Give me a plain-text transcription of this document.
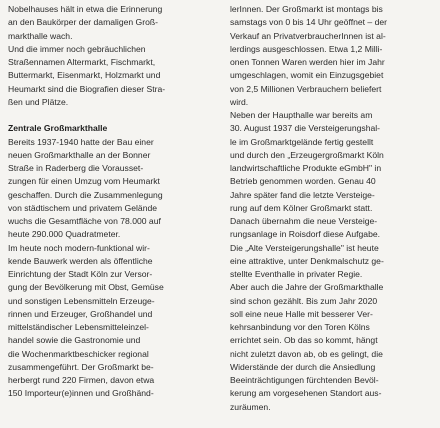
Nobelhauses hält in etwa die Erinnerung
an den Baukörper der damaligen Groß-
markthalle wach.
Und die immer noch gebräuchlichen
Straßennamen Altermarkt, Fischmarkt,
Buttermarkt, Eisenmarkt, Holzmarkt und
Heumarkt sind die Biografien dieser Stra-
ßen und Plätze.
Zentrale Großmarkthalle
Bereits 1937-1940 hatte der Bau einer
neuen Großmarkthalle an der Bonner
Straße in Raderberg die Vorausset-
zungen für einen Umzug vom Heumarkt
geschaffen. Durch die Zusammenlegung
von städtischem und privatem Gelände
wuchs die Gesamtfläche von 78.000 auf
heute 290.000 Quadratmeter.
Im heute noch modern-funktional wir-
kende Bauwerk werden als öffentliche
Einrichtung der Stadt Köln zur Versor-
gung der Bevölkerung mit Obst, Gemüse
und sonstigen Lebensmitteln Erzeuge-
rinnen und Erzeuger, Großhandel und
mittelständischer Lebensmitteleinzel-
handel sowie die Gastronomie und
die Wochenmarktbeschicker regional
zusammengeführt. Der Großmarkt be-
herbergt rund 220 Firmen, davon etwa
150 Importeur(e)innen und Großhänd-
lerInnen. Der Großmarkt ist montags bis
samstags von 0 bis 14 Uhr geöffnet – der
Verkauf an PrivatverbraucherInnen ist al-
lerdings ausgeschlossen. Etwa 1,2 Milli-
onen Tonnen Waren werden hier im Jahr
umgeschlagen, womit ein Einzugsgebiet
von 2,5 Millionen Verbrauchern beliefert
wird.
Neben der Haupthalle war bereits am
30. August 1937 die Versteigerungshal-
le im Großmarktgelände fertig gestellt
und durch den „Erzeugergroßmarkt Köln
landwirtschaftliche Produkte eGmbH" in
Betrieb genommen worden. Genau 40
Jahre später fand die letzte Versteige-
rung auf dem Kölner Großmarkt statt.
Danach übernahm die neue Versteige-
rungsanlage in Roisdorf diese Aufgabe.
Die „Alte Versteigerungshalle" ist heute
eine attraktive, unter Denkmalschutz ge-
stellte Eventhalle in privater Regie.
Aber auch die Jahre der Großmarkthalle
sind schon gezählt. Bis zum Jahr 2020
soll eine neue Halle mit besserer Ver-
kehrsanbindung vor den Toren Kölns
errichtet sein. Ob das so kommt, hängt
nicht zuletzt davon ab, ob es gelingt, die
Widerstände der durch die Ansiedlung
Beeinträchtigungen fürchtenden Bevöl-
kerung am vorgesehenen Standort aus-
zuräumen.
